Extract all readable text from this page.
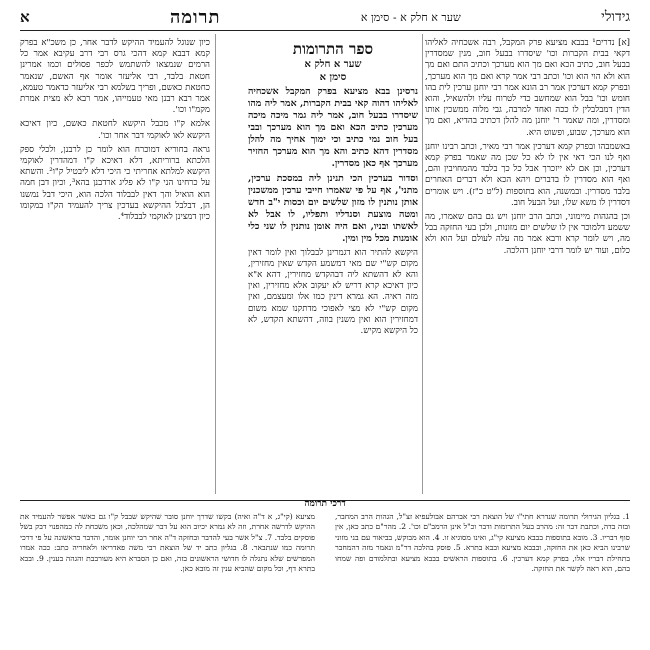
גידולי
שער א חלק א - סימן א
תרומה
א

[א] נדרים¹ בבבא מציעא פרק המקבל, רבה אשכחיה לאליהו דקאי בבית הקברות וכו' שיסדרו בבעל חוב, מנין שמסדרין בבעל חוב, כתיב הכא ואם מך הוא מערכך וכתיב התם ואם מך הוא ולא הוי הוא וכו' וכתב רבי אמר קרא ואם מך הוא מערכך, ובפרק קמא דערכין אמר רב הונא אמר רבי יוחנן ערכין לית בהו חומש וכו' בבל הוא שמחשב כדי לטרוח עליו ולהשאיל, והוא הדין דמבלבלין לו ככה ואחד למרבה, גבי מלוה ממשכין אותו ומסדרין, ומה שאמר ר' יוחנן מה להלן דכתיב בהדיא, ואם מך הוא מערכך, שבוע, ופשוט היא.

באשמבהו ובפרק קמא דערכין אמר רבי מאיר, וכתב רבינו יוחנן ואף לנו הכי דאי אין לו לא כל שכן מה שאמר בפרק קמא דערכין, וכן אם לא ייזכרך אבל כל כך בלבד מהמחויבין והם, ואף הוא מסדרין לו בדברים ויהא הכא ולא דברים האחרים בלבד מסדרין. ובמשנה, הוא בתוספות (ל"ט כ"ז). ויש אומרים דסדרין לו משא שלו, ועל הבעל חוב.

וכן בהגהות מיימוני, וכתב הרב יוחנן ויש גם בהם שאמרו, מה ששמע דלמוכר אין לו שלשים יום מזונות, ולכן בעי החזקה בבל מה, ויש לומר קרא ורבא אמר מה עלה לעולם ועל הוא ולא כלום, ועוד יש לומר דרבי יוחנן דהלכה.

ספר התרומות
שער א חלק א
סימן א

נרסינן בבא מציעא בפרק המקבל אשכחיה לאליהו דהוה קאי בבית הקברות, אמר ליה מהו שיסדרו בבעל חוב, אמר ליה גמר מיכה מיכה מערכין כתיב הכא ואם מך הוא מערכך ובבי בעל חוב נמי כתיב וכי ימוך אחיך מה להלן מסדרין דהא כתיב והא מך הוא מערכך החזיר מערכך אף כאן מסדרין.

וסדור בערכין הכי תנינן ליה במסכת ערכין, מתני', אף על פי שאמרו חייבי ערכין ממשכנין אותן נותנין לו מזון שלשים יום וכסות י"ב חדש ומטה מוצעת וסנדליו ותפליו, לו אבל לא לאשתו ובניו, ואם היה אומן נותנין לו שני כלי אומנות מכל מין ומין.

היקשא להתיר הוא דגמרינן לבבלוך ואין לומר דאין מקום קש"י שם מאי דמשמע הקדש שאין מחזירין, והא לא דהשתא ליה דבהקדש מחזירין, דהא א"א כיון דאיכא קרא דריש לא יעקוב אלא מחזירין, ואין מזה ראיה. הא גמרא דינין כמו אלו ומעצמם, ואין מקום קש"י לא מצי לאפוכי מדתקנו שמא משום דמחזירין הוא ואין משנין בוזה, דהשתא הקדש, לא כל היקשא מקיש.

כיון שנוגל להעמיד ההיקש לדבר אחר, כן משכ"א בפרק קמא דבבא קמא דהכי גרס רבי דרב עקיבא אמר כל הרמים שנמצאו להשתמש לכפר פסולים וכמו אמרינן חטאת בלבד, רבי אליעזר אומר אף האשם, שנאמר כחטאת כאשם, ופריך בשלמא רבי אליעזר כדאמר טעמא, אמר רבא רבנן מאי טעמייהו, אמר רבא לא מצית אמרת מקמ"ו וכו'.

אלמא ק"ו מכבל היקשא לחטאת כאשם, כיון דאיכא היקשא לאו לאוקמי דבר אחר וכו'.

גראה בחוריא דמוכרח הוא לומר כן לרבנן, ולכלי ספק הלכתא ברוריתא, דלא דאיכא ק"ו דמהדרין לאוקמי היקשא למלתא אחריתי כי היכי דלא ליבטיל ק"ו². והשתא על כרחינו הני ק"ו לא פליג ארדבנן בהא³, וכיון דבן חמה הוא הואיל והך דאין לבבלוד הלכה הוא, היכי דבל נמשנו הן, דבלבל ההיקשא בעדכין צריך להעמיד הק"ו במקומו כיון דמצינן לאוקמי לבבלוד⁴.

דרכי תרומה
1. בגליון הגירולי תרומה שנדרא חתי"ו של הוצאת רבי אברהם אבולעפיא זצ"ל, הגהות הרב המחבר, ובזה בדה, וכתבת דבר זה: מהרב בעל התרומות ודבר וכ"ל אינן הרמב"ם וכו'. 2. מהר"ם כתב כאן, אין סוף דבריו. 3. מובא בתוספות בבבא מציעא קי"ג, ואינו מסוגיא זו. 4. הוא מבוקש, בביאור עם בני מזוני שרבינו הביא כאן את החזקה, ובבבא מציעא ובבא בתרא. 5. פוסק בהלכה דר"מ ונאמר מזה דהמחבר בתחילת דבריו אלו, בפרק קמא דערכין. 6. בתוספות הראשים בבבא מציעא ובתלמודם ופה שמחו בהם, הוא ראה לקשר את החזקה.
מציעא (קי"ג, א ד"ה ואיה) בקשו שדרך יוחנן סובר שהיקש שבבל ק"ו גם כאשר אפשר להעמיד את ההיקש לדרשה אחרת, וזה לא גמרא יכיוב הוא על דבר שמהלכה, וכאן משכחת לה כמהפנוי דבק בשל פוסקים בלבד. 7. צ"ל אשר בעי להדבר ובחזקה ד"ה אחר רבי יוחנן אומר, והדבר בראשונה על פי דרכי תרומה כמו שנתבאר. 8. בגליון כתב יד של הוצאת רבי משה פאדריאו ולאחריה כתב: ככה אמרו המפרשים שלא נתגלה לו חדושי הראשונים בזה, ואם כן הסברא היא מעורבבת והגהה בענין. 9. ובבא בתרא דף, וכל מקום שהביא ענין זה מובא כאן.
